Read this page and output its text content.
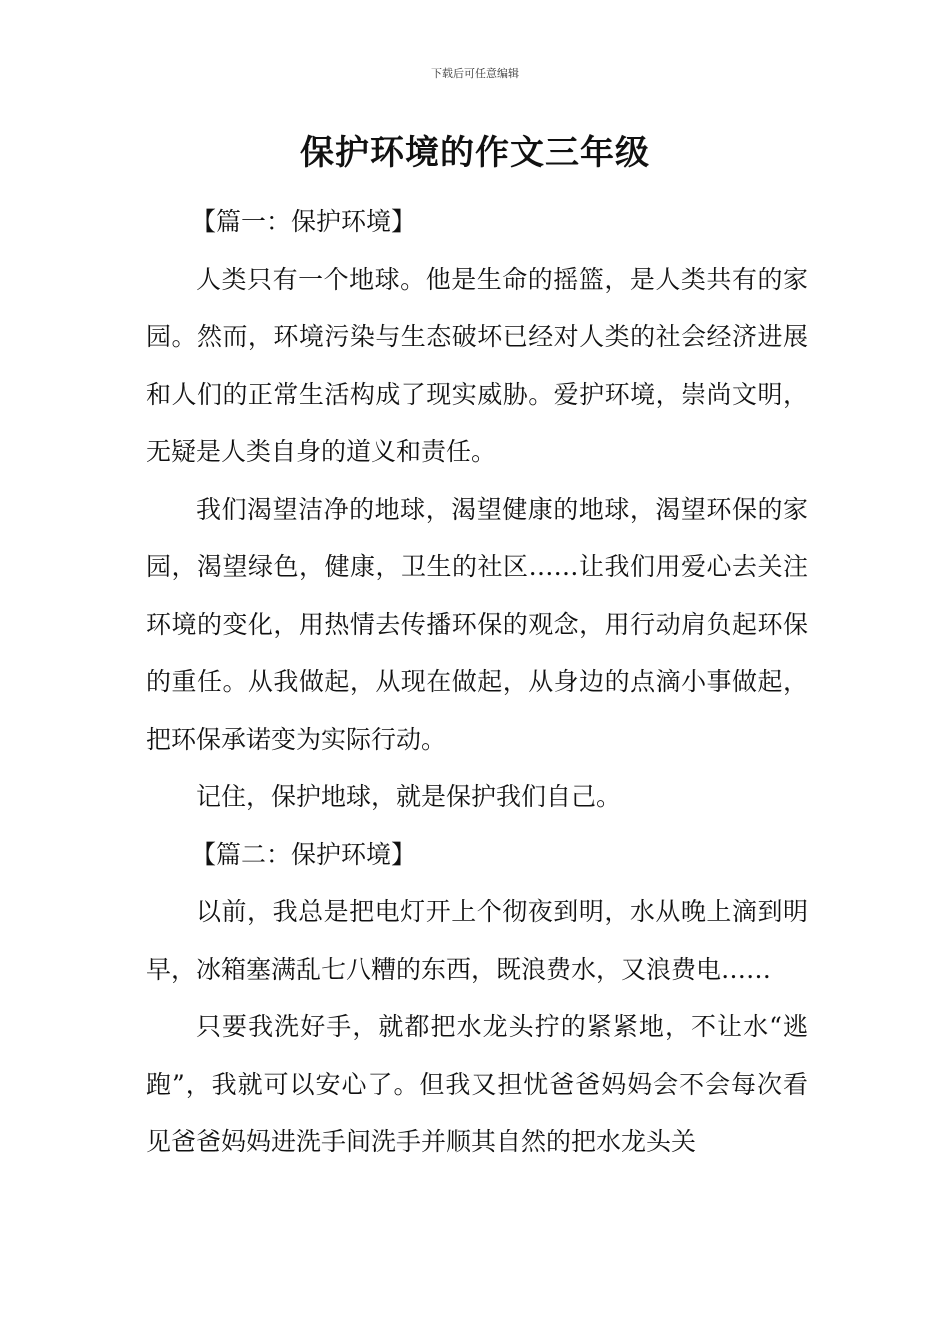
下载后可任意编辑
保护环境的作文三年级

【篇一：保护环境】

人类只有一个地球。他是生命的摇篮，是人类共有的家园。然而，环境污染与生态破坏已经对人类的社会经济进展和人们的正常生活构成了现实威胁。爱护环境，崇尚文明，无疑是人类自身的道义和责任。

我们渴望洁净的地球，渴望健康的地球，渴望环保的家园，渴望绿色，健康，卫生的社区……让我们用爱心去关注环境的变化，用热情去传播环保的观念，用行动肩负起环保的重任。从我做起，从现在做起，从身边的点滴小事做起，把环保承诺变为实际行动。

记住，保护地球，就是保护我们自己。

【篇二：保护环境】

以前，我总是把电灯开上个彻夜到明，水从晚上滴到明早，冰箱塞满乱七八糟的东西，既浪费水，又浪费电……

只要我洗好手，就都把水龙头拧的紧紧地，不让水“逃跑”，我就可以安心了。但我又担忧爸爸妈妈会不会每次看见爸爸妈妈进洗手间洗手并顺其自然的把水龙头关
